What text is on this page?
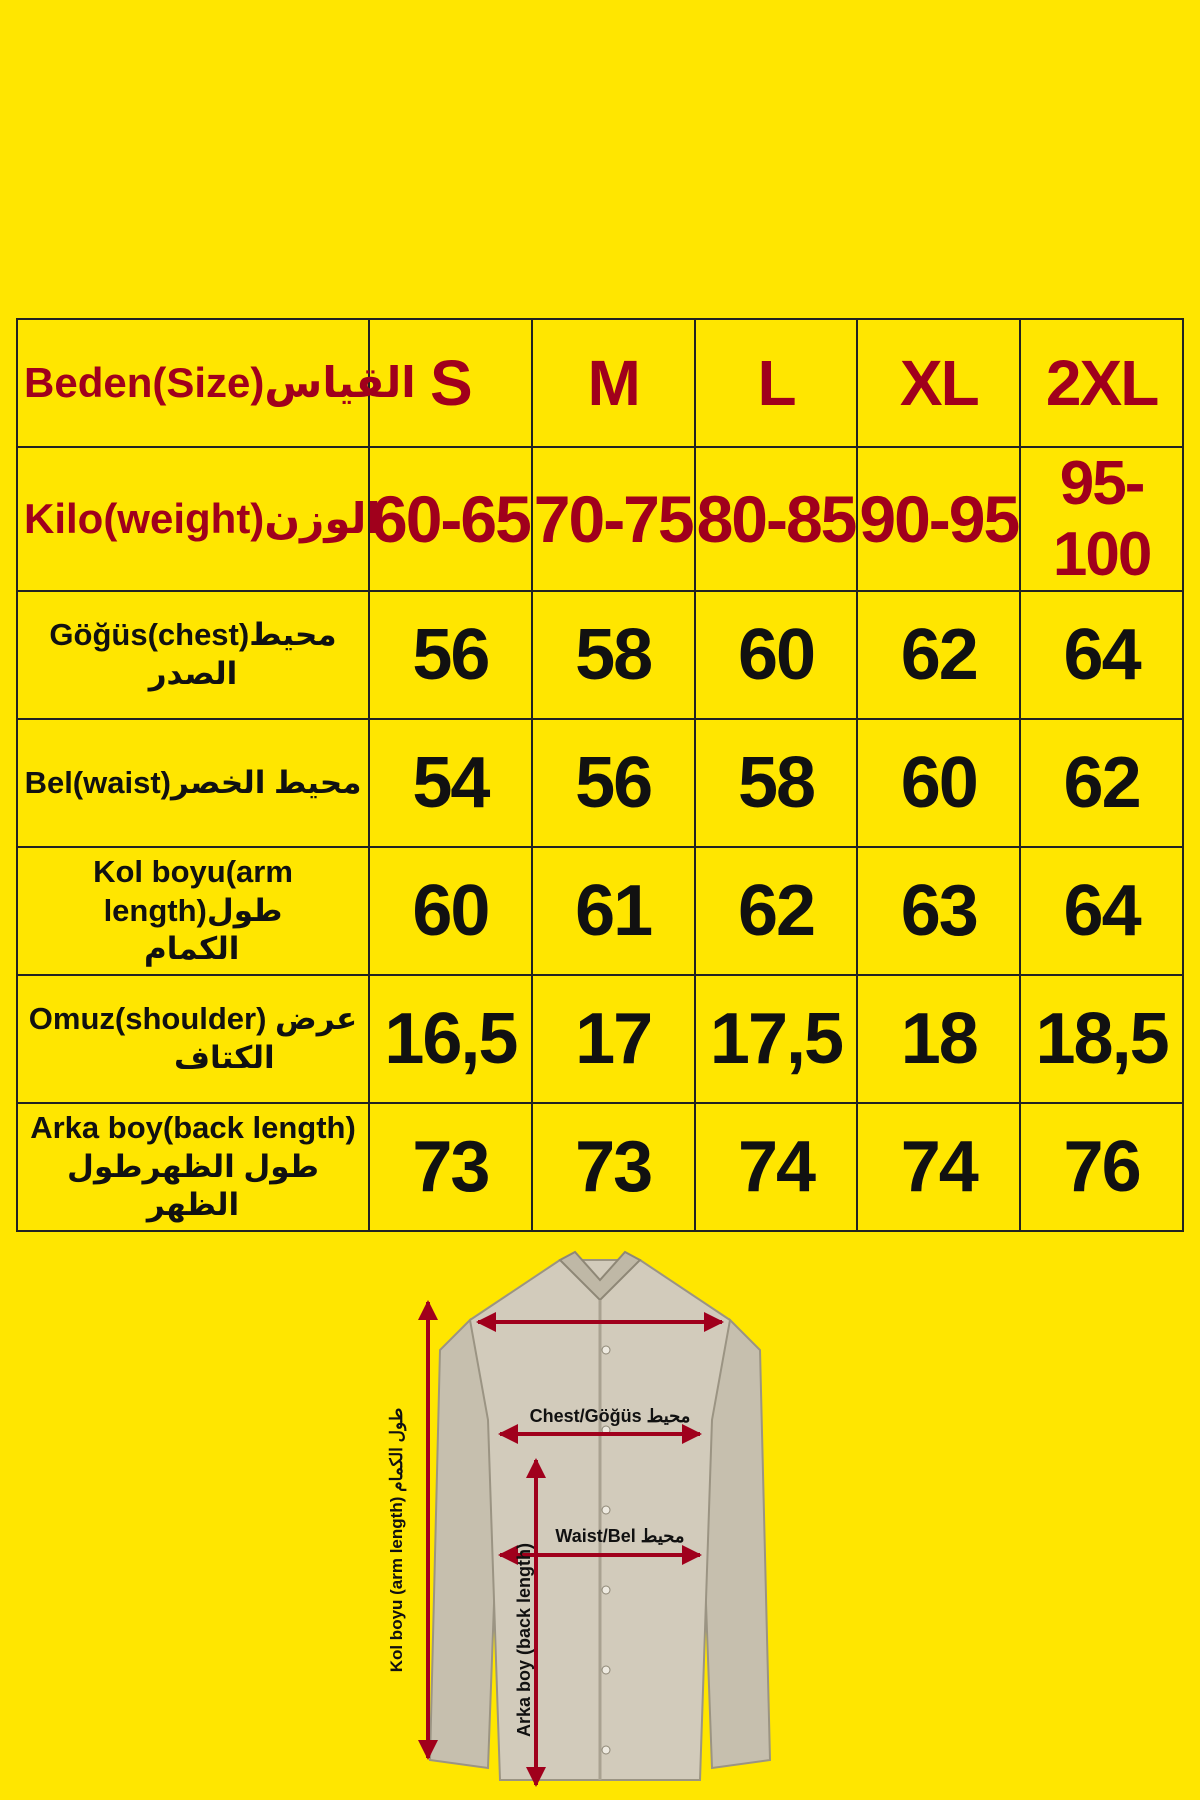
Beden(Size)القياس	S	M	L	XL	2XL
Kilo(weight)الوزن	60-65	70-75	80-85	90-95	95-100
Göğüs(chest)محيط الصدر	56	58	60	62	64
Bel(waist)محيط الخصر	54	56	58	60	62

Kol boyu(arm length)طول
الكمام	60	61	62	63	64

Omuz(shoulder) عرض
الكتاف	16,5	17	17,5	18	18,5

Arka boy(back length)
طول الظهرطول الظهر	73	73	74	74	76
Chest/Göğüs محيط
Waist/Bel محيط
Arka boy (back length)
Kol boyu (arm length) طول الكمام
